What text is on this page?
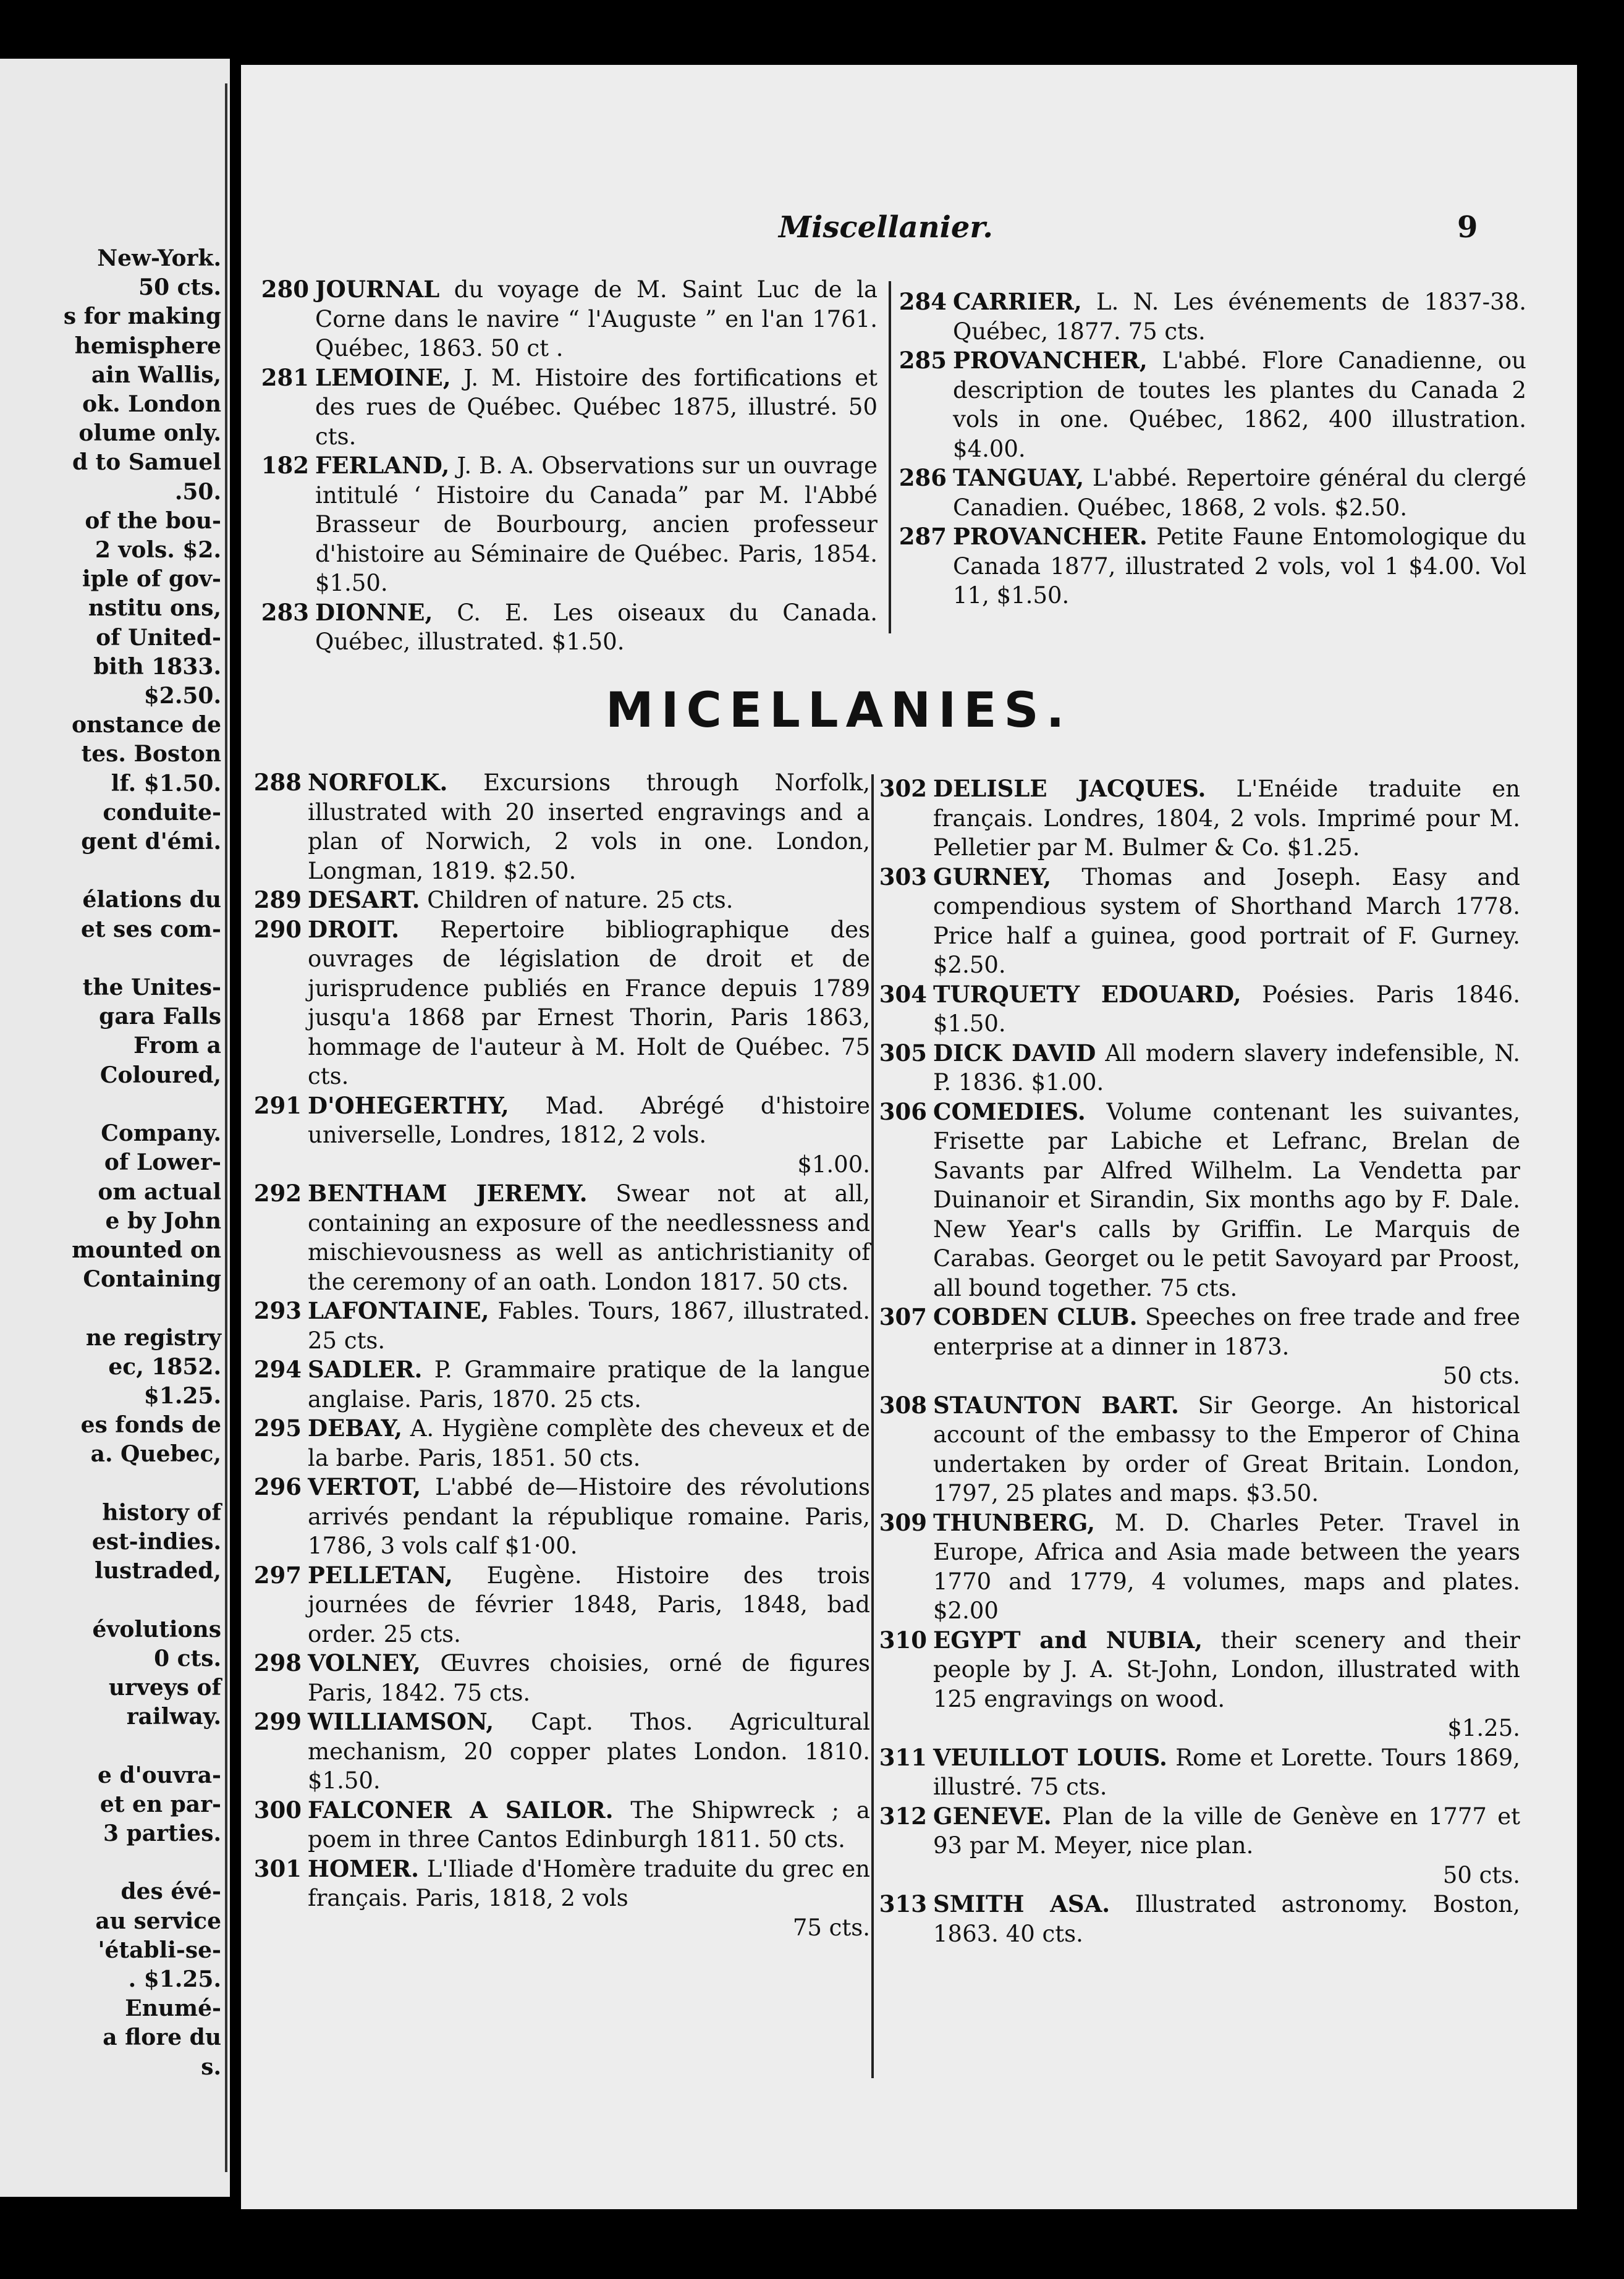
New-York.
50 cts.
s for making
hemisphere
ain Wallis,
ok. London
olume only.
d to Samuel
.50.
of the bou-
2 vols. $2.
iple of gov-
nstitu ons,
of United-
bith 1833.
$2.50.
onstance de
tes. Boston
lf. $1.50.
conduite-
gent d'émi.

élations du
et ses com-

the Unites-
gara Falls
From a
Coloured,

Company.
of Lower-
om actual
e by John
mounted on
Containing

ne registry
ec, 1852.
$1.25.
es fonds de
a. Quebec,

history of
est-indies.
lustraded,

évolutions
0 cts.
urveys of
railway.

e d'ouvra-
et en par-
3 parties.

des évé-
au service
'établi-se-
. $1.25.
Enumé-
a flore du
s.
Miscellanier.	9
280 JOURNAL du voyage de M. Saint Luc de la Corne dans le navire “ l'Auguste ” en l'an 1761. Québec, 1863. 50 ct .
281 LEMOINE, J. M. Histoire des fortifications et des rues de Québec. Québec 1875, illustré. 50 cts.
182 FERLAND, J. B. A. Observations sur un ouvrage intitulé ‘ Histoire du Canada” par M. l'Abbé Brasseur de Bourbourg, ancien professeur d'histoire au Séminaire de Québec. Paris, 1854. $1.50.
283 DIONNE, C. E. Les oiseaux du Canada. Québec, illustrated. $1.50.
284 CARRIER, L. N. Les événements de 1837-38. Québec, 1877. 75 cts.
285 PROVANCHER, L'abbé. Flore Canadienne, ou description de toutes les plantes du Canada 2 vols in one. Québec, 1862, 400 illustration. $4.00.
286 TANGUAY, L'abbé. Repertoire général du clergé Canadien. Québec, 1868, 2 vols. $2.50.
287 PROVANCHER. Petite Faune Entomologique du Canada 1877, illustrated 2 vols, vol 1 $4.00. Vol 11, $1.50.
MICELLANIES.
288 NORFOLK. Excursions through Norfolk, illustrated with 20 inserted engravings and a plan of Norwich, 2 vols in one. London, Longman, 1819. $2.50.
289 DESART. Children of nature. 25 cts.
290 DROIT. Repertoire bibliographique des ouvrages de législation de droit et de jurisprudence publiés en France depuis 1789 jusqu'a 1868 par Ernest Thorin, Paris 1863, hommage de l'auteur à M. Holt de Québec. 75 cts.
291 D'OHEGERTHY, Mad. Abrégé d'histoire universelle, Londres, 1812, 2 vols.
$1.00.
292 BENTHAM JEREMY. Swear not at all, containing an exposure of the needlessness and mischievousness as well as antichristianity of the ceremony of an oath. London 1817. 50 cts.
293 LAFONTAINE, Fables. Tours, 1867, illustrated. 25 cts.
294 SADLER. P. Grammaire pratique de la langue anglaise. Paris, 1870. 25 cts.
295 DEBAY, A. Hygiène complète des cheveux et de la barbe. Paris, 1851. 50 cts.
296 VERTOT, L'abbé de—Histoire des révolutions arrivés pendant la république romaine. Paris, 1786, 3 vols calf $1·00.
297 PELLETAN, Eugène. Histoire des trois journées de février 1848, Paris, 1848, bad order. 25 cts.
298 VOLNEY, Œuvres choisies, orné de figures Paris, 1842. 75 cts.
299 WILLIAMSON, Capt. Thos. Agricultural mechanism, 20 copper plates London. 1810. $1.50.
300 FALCONER A SAILOR. The Shipwreck ; a poem in three Cantos Edinburgh 1811. 50 cts.
301 HOMER. L'Iliade d'Homère traduite du grec en français. Paris, 1818, 2 vols
75 cts.
302 DELISLE JACQUES. L'Enéide traduite en français. Londres, 1804, 2 vols. Imprimé pour M. Pelletier par M. Bulmer & Co. $1.25.
303 GURNEY, Thomas and Joseph. Easy and compendious system of Shorthand March 1778. Price half a guinea, good portrait of F. Gurney. $2.50.
304 TURQUETY EDOUARD, Poésies. Paris 1846. $1.50.
305 DICK DAVID All modern slavery indefensible, N. P. 1836. $1.00.
306 COMEDIES. Volume contenant les suivantes, Frisette par Labiche et Lefranc, Brelan de Savants par Alfred Wilhelm. La Vendetta par Duinanoir et Sirandin, Six months ago by F. Dale. New Year's calls by Griffin. Le Marquis de Carabas. Georget ou le petit Savoyard par Proost, all bound together. 75 cts.
307 COBDEN CLUB. Speeches on free trade and free enterprise at a dinner in 1873.
50 cts.
308 STAUNTON BART. Sir George. An historical account of the embassy to the Emperor of China undertaken by order of Great Britain. London, 1797, 25 plates and maps. $3.50.
309 THUNBERG, M. D. Charles Peter. Travel in Europe, Africa and Asia made between the years 1770 and 1779, 4 volumes, maps and plates. $2.00
310 EGYPT and NUBIA, their scenery and their people by J. A. St-John, London, illustrated with 125 engravings on wood.
$1.25.
311 VEUILLOT LOUIS. Rome et Lorette. Tours 1869, illustré. 75 cts.
312 GENEVE. Plan de la ville de Genève en 1777 et 93 par M. Meyer, nice plan.
50 cts.
313 SMITH ASA. Illustrated astronomy. Boston, 1863. 40 cts.
